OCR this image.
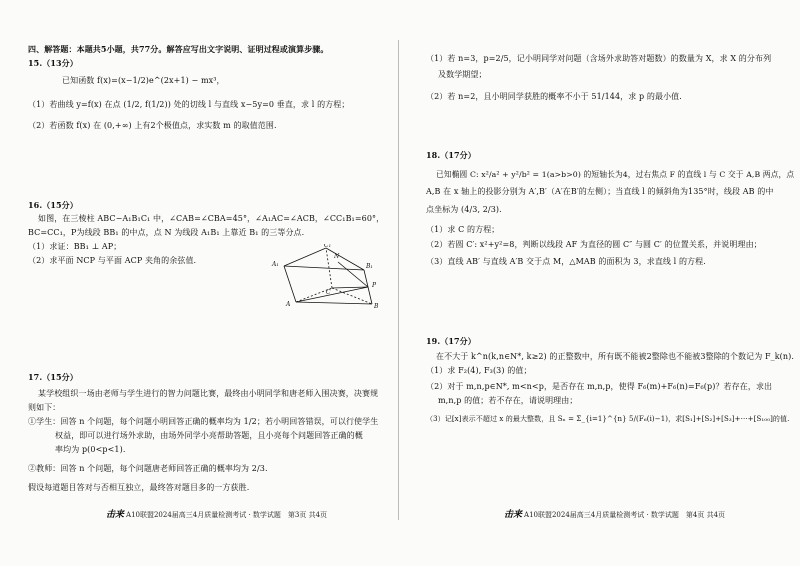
四、解答题：本题共5小题，共77分。解答应写出文字说明、证明过程或演算步骤。
15.（13分）
已知函数 f(x)=(x−1/2)e^(2x+1) − mx³，
（1）若曲线 y=f(x) 在点 (1/2, f(1/2)) 处的切线 l 与直线 x−5y=0 垂直，求 l 的方程；
（2）若函数 f(x) 在 (0,+∞) 上有2个极值点，求实数 m 的取值范围.
16.（15分）
如图，在三棱柱 ABC−A₁B₁C₁ 中，∠CAB=∠CBA=45°，∠A₁AC=∠ACB，∠CC₁B₁=60°，
BC=CC₁，P为线段 BB₁ 的中点，点 N 为线段 A₁B₁ 上靠近 B₁ 的三等分点.
（1）求证：BB₁ ⊥ AP；
（2）求平面 NCP 与平面 ACP 夹角的余弦值.	A₁
N
B₁
P
C₁
A
C
B
17.（15分）
某学校组织一场由老师与学生进行的智力问题比赛，最终由小明同学和唐老师入围决赛，决赛规
则如下：
①学生：回答 n 个问题，每个问题小明回答正确的概率均为 1/2；若小明回答错误，可以行使学生
权益，即可以进行场外求助，由场外同学小亮帮助答题，且小亮每个问题回答正确的概
率均为 p(0<p<1).
②教师：回答 n 个问题，每个问题唐老师回答正确的概率均为 2/3.
假设每道题目答对与否相互独立，最终答对题目多的一方获胜.
击来 A10联盟2024届高三4月质量检测考试 · 数学试题　第3页 共4页
（1）若 n=3，p=2/5，记小明同学对问题（含场外求助答对题数）的数量为 X，求 X 的分布列
及数学期望；
（2）若 n=2，且小明同学获胜的概率不小于 51/144，求 p 的最小值.
18.（17分）
已知椭圆 C: x²/a² + y²/b² = 1(a>b>0) 的短轴长为4，过右焦点 F 的直线 l 与 C 交于 A,B 两点，点
A,B 在 x 轴上的投影分别为 A′,B′（A′在B′的左侧）；当直线 l 的倾斜角为135°时，线段 AB 的中
点坐标为 (4/3, 2/3).
（1）求 C 的方程；
（2）若圆 C′: x²+y²=8，判断以线段 AF 为直径的圆 C″ 与圆 C′ 的位置关系，并说明理由；
（3）直线 AB′ 与直线 A′B 交于点 M，△MAB 的面积为 3，求直线 l 的方程.
19.（17分）
在不大于 k^n(k,n∈N*, k≥2) 的正整数中，所有既不能被2整除也不能被3整除的个数记为 F_k(n).
（1）求 F₂(4), F₃(3) 的值；
（2）对于 m,n,p∈N*, m<n<p，是否存在 m,n,p，使得 F₆(m)+F₆(n)=F₆(p)？若存在，求出
m,n,p 的值；若不存在，请说明理由；
（3）记[x]表示不超过 x 的最大整数，且 Sₙ = Σ_{i=1}^{n} 5/(F₆(i)−1)，求[S₁]+[S₂]+[S₃]+⋯+[S₁₀₀]的值.
击来 A10联盟2024届高三4月质量检测考试 · 数学试题　第4页 共4页
